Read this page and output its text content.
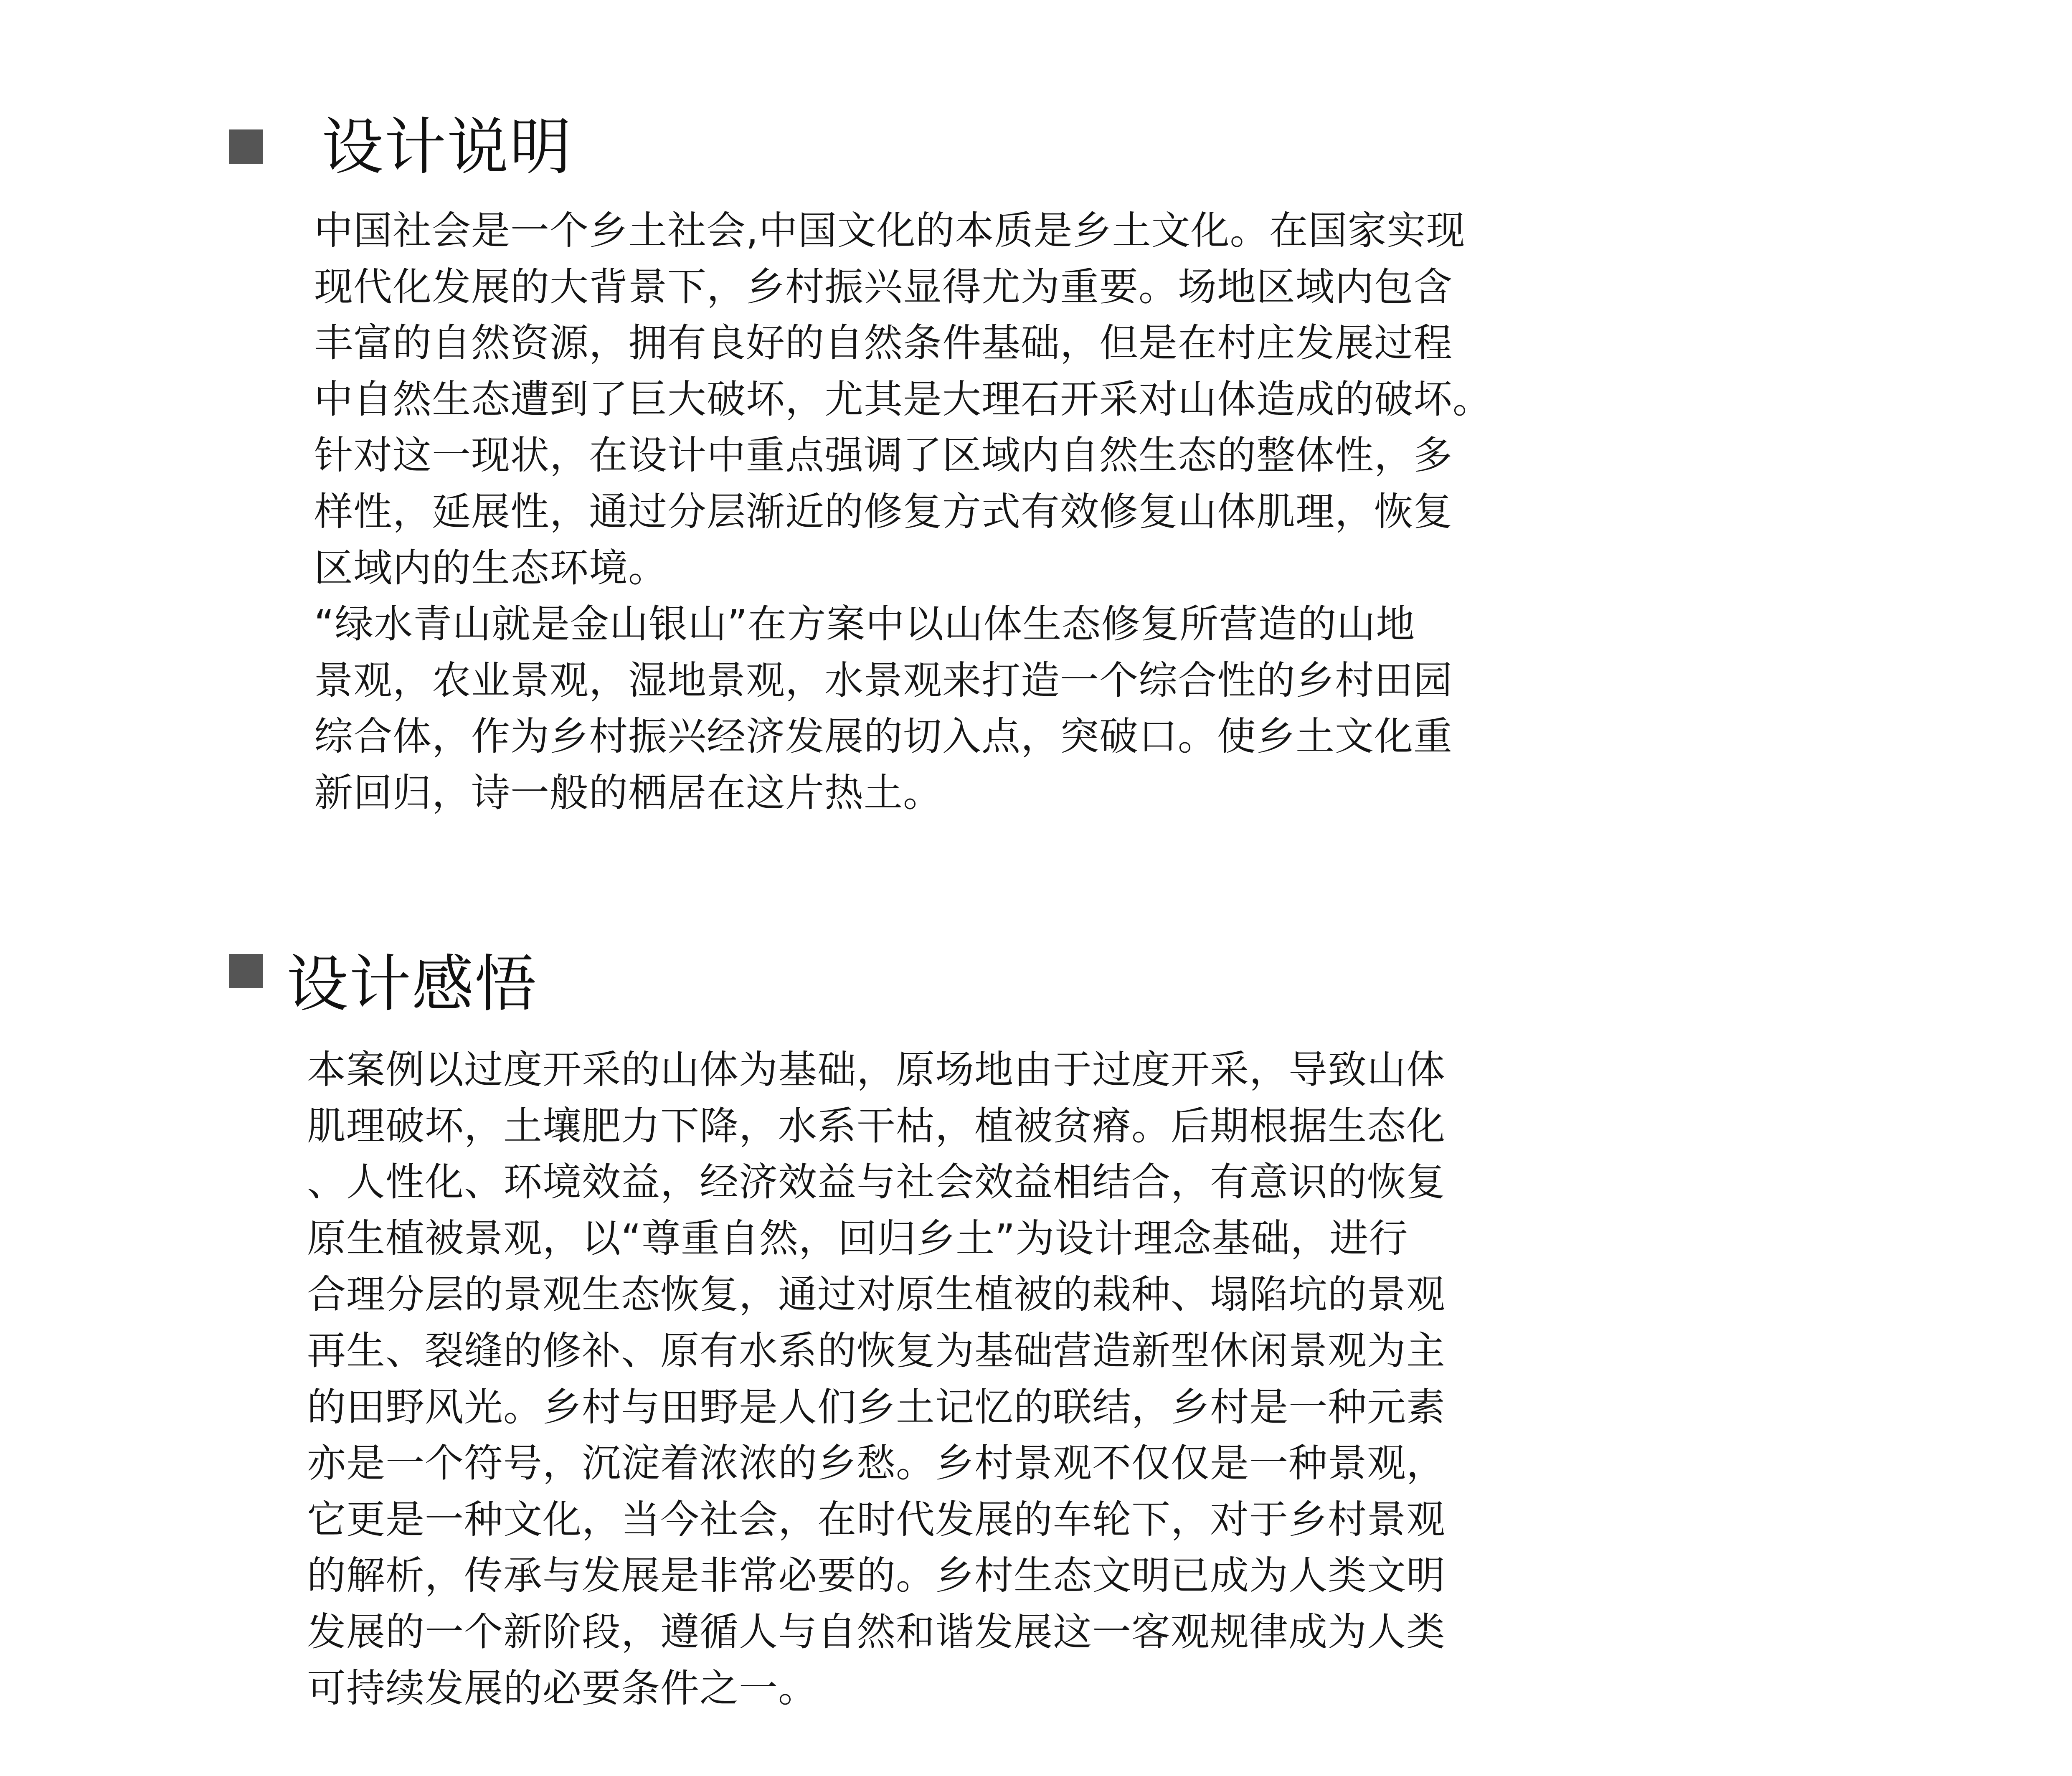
设计说明
中国社会是一个乡土社会,中国文化的本质是乡土文化。在国家实现
现代化发展的大背景下，乡村振兴显得尤为重要。场地区域内包含
丰富的自然资源，拥有良好的自然条件基础，但是在村庄发展过程
中自然生态遭到了巨大破坏，尤其是大理石开采对山体造成的破坏。
针对这一现状，在设计中重点强调了区域内自然生态的整体性，多
样性，延展性，通过分层渐近的修复方式有效修复山体肌理，恢复
区域内的生态环境。
“绿水青山就是金山银山”在方案中以山体生态修复所营造的山地
景观，农业景观，湿地景观，水景观来打造一个综合性的乡村田园
综合体，作为乡村振兴经济发展的切入点，突破口。使乡土文化重
新回归，诗一般的栖居在这片热土。
设计感悟
本案例以过度开采的山体为基础，原场地由于过度开采，导致山体
肌理破坏，土壤肥力下降，水系干枯，植被贫瘠。后期根据生态化
、人性化、环境效益，经济效益与社会效益相结合，有意识的恢复
原生植被景观，以“尊重自然，回归乡土”为设计理念基础，进行
合理分层的景观生态恢复，通过对原生植被的栽种、塌陷坑的景观
再生、裂缝的修补、原有水系的恢复为基础营造新型休闲景观为主
的田野风光。乡村与田野是人们乡土记忆的联结，乡村是一种元素
亦是一个符号，沉淀着浓浓的乡愁。乡村景观不仅仅是一种景观，
它更是一种文化，当今社会，在时代发展的车轮下，对于乡村景观
的解析，传承与发展是非常必要的。乡村生态文明已成为人类文明
发展的一个新阶段，遵循人与自然和谐发展这一客观规律成为人类
可持续发展的必要条件之一。
